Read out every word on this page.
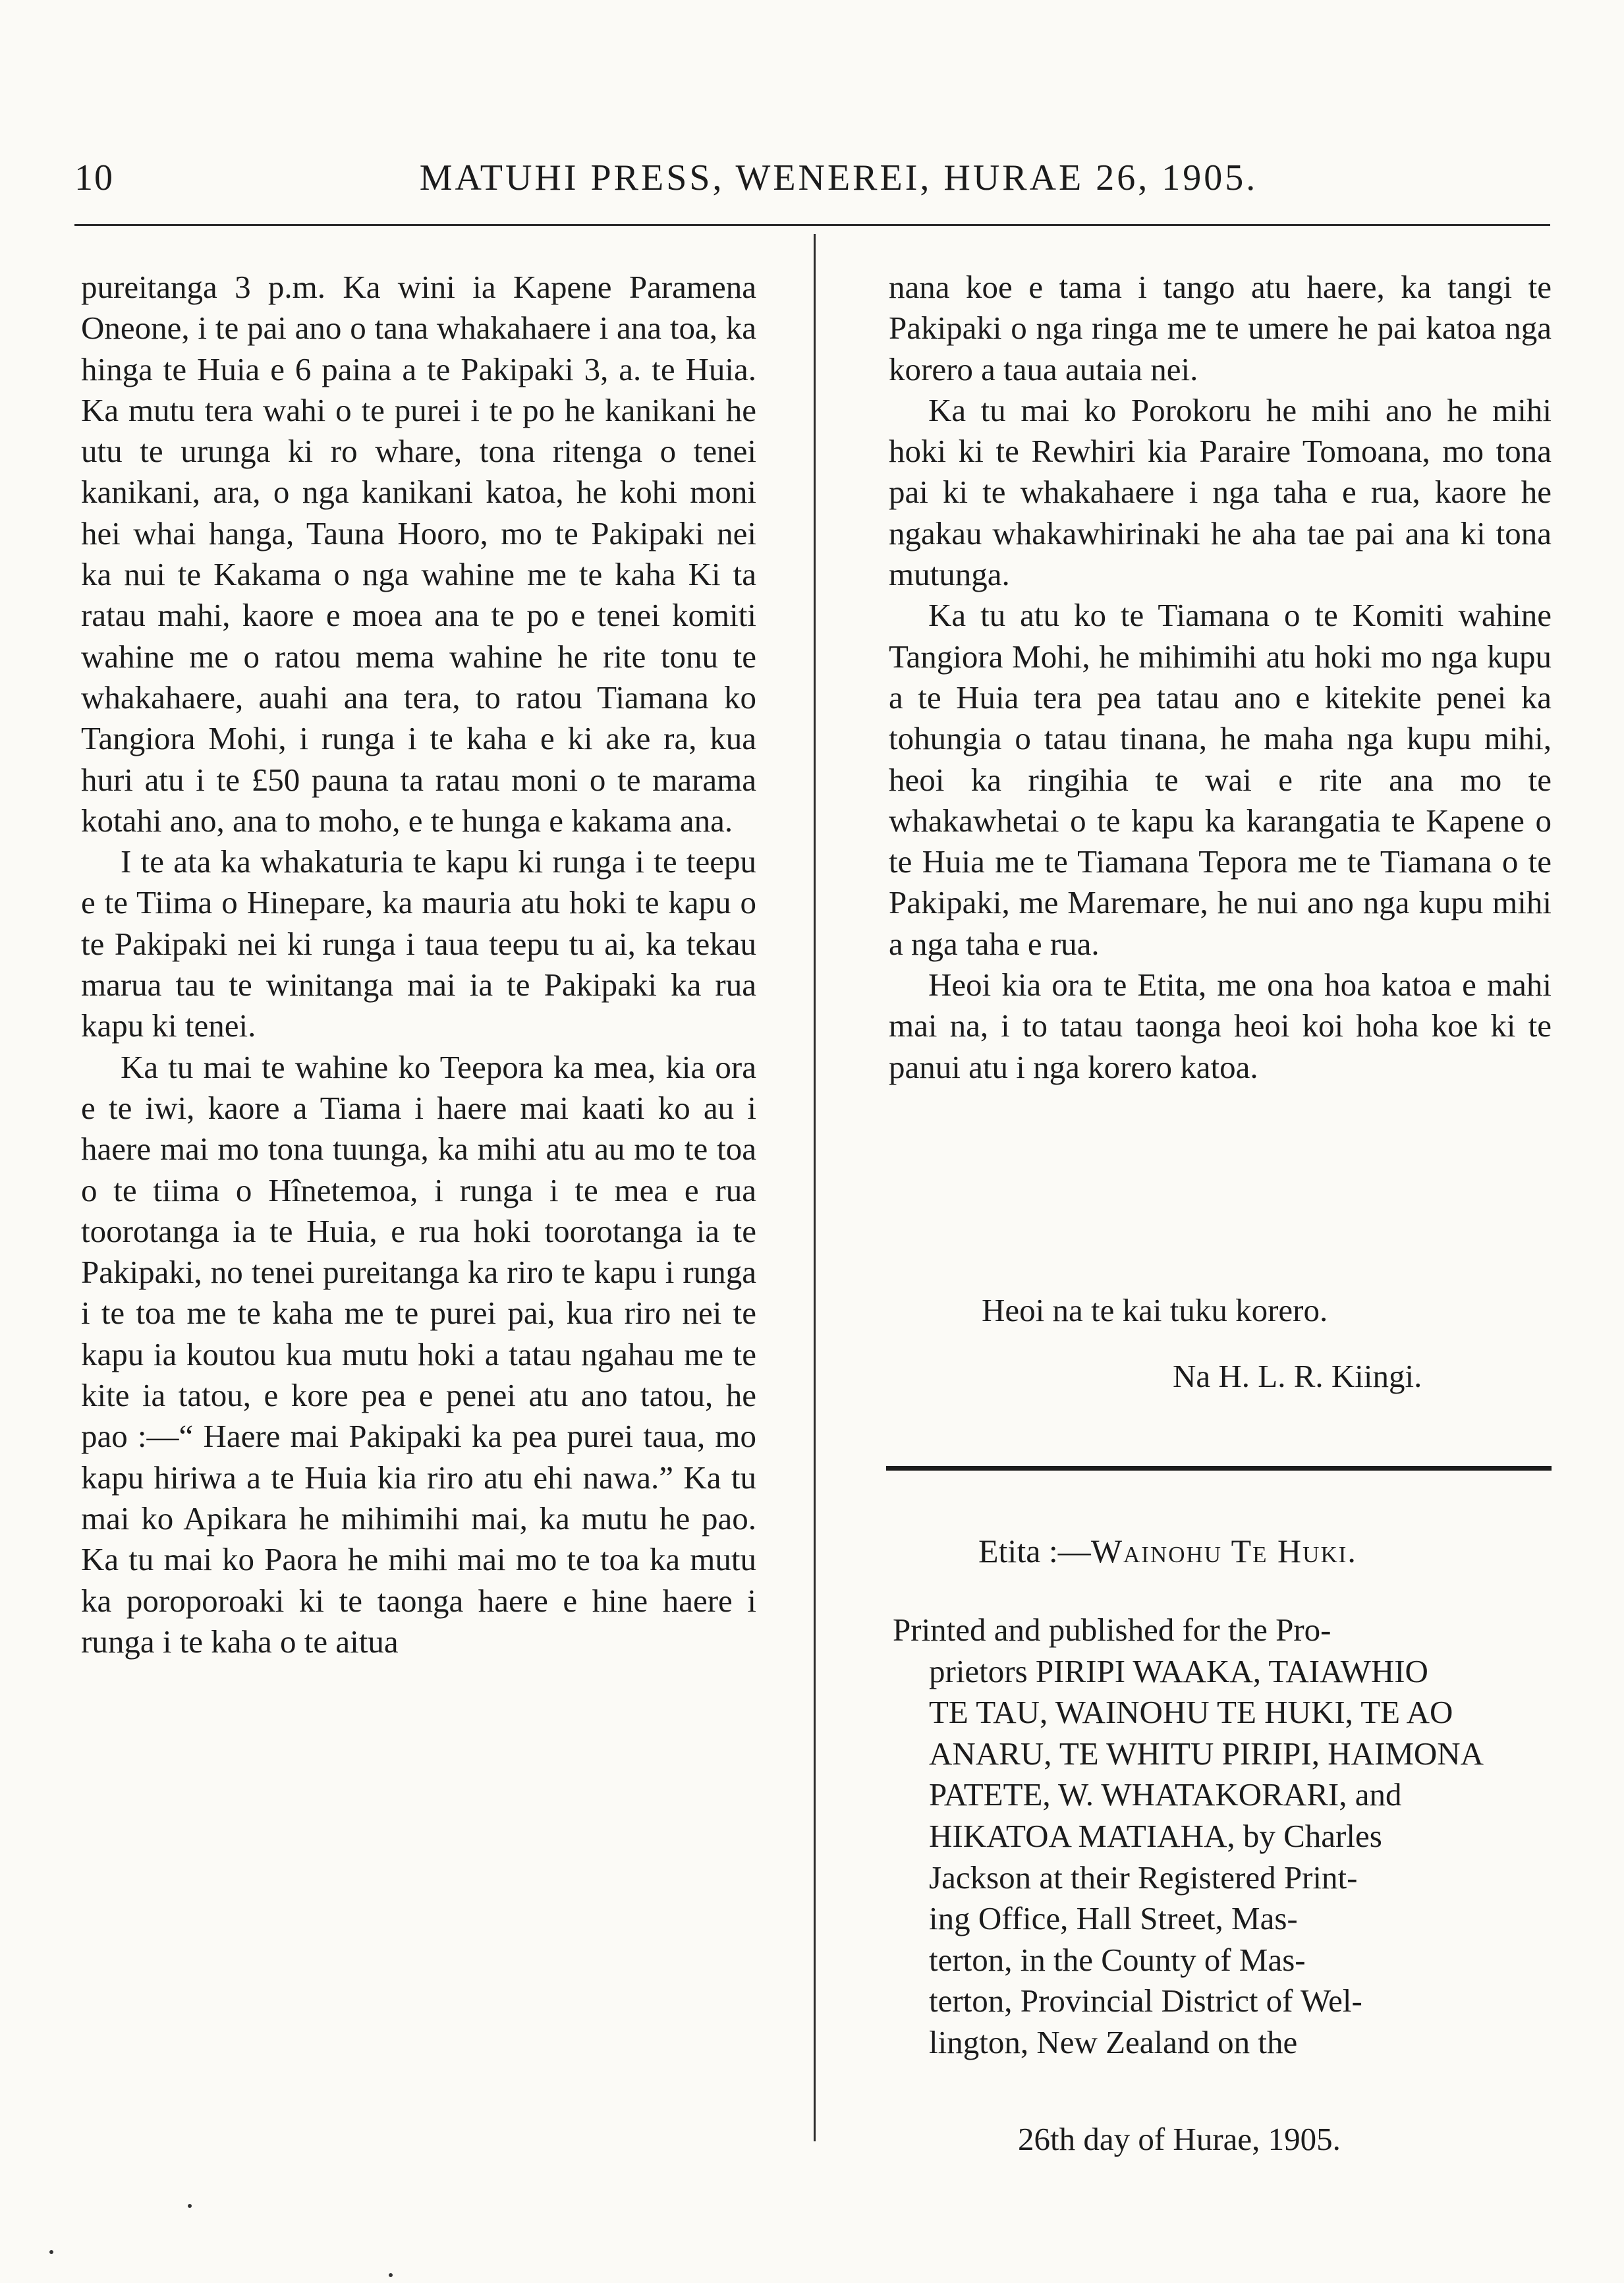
10	MATUHI PRESS, WENEREI, HURAE 26, 1905.

pureitanga 3 p.m. Ka wini ia Kapene Paramena Oneone, i te pai ano o tana whakahaere i ana toa, ka hinga te Huia e 6 paina a te Pakipaki 3, a. te Huia. Ka mutu tera wahi o te purei i te po he kanikani he utu te urunga ki ro whare, tona ritenga o tenei kanikani, ara, o nga kanikani katoa, he kohi moni hei whai hanga, Tauna Hooro, mo te Pakipaki nei ka nui te Kakama o nga wahine me te kaha Ki ta ratau mahi, kaore e moea ana te po e tenei komiti wahine me o ratou mema wahine he rite tonu te whakahaere, auahi ana tera, to ratou Tiamana ko Tangiora Mohi, i runga i te kaha e ki ake ra, kua huri atu i te £50 pauna ta ratau moni o te marama kotahi ano, ana to moho, e te hunga e kakama ana.

I te ata ka whakaturia te kapu ki runga i te teepu e te Tiima o Hinepare, ka mauria atu hoki te kapu o te Pakipaki nei ki runga i taua teepu tu ai, ka tekau marua tau te winitanga mai ia te Pakipaki ka rua kapu ki tenei.

Ka tu mai te wahine ko Teepora ka mea, kia ora e te iwi, kaore a Tiama i haere mai kaati ko au i haere mai mo tona tuunga, ka mihi atu au mo te toa o te tiima o Hînetemoa, i runga i te mea e rua toorotanga ia te Huia, e rua hoki toorotanga ia te Pakipaki, no tenei pureitanga ka riro te kapu i runga i te toa me te kaha me te purei pai, kua riro nei te kapu ia koutou kua mutu hoki a tatau ngahau me te kite ia tatou, e kore pea e penei atu ano tatou, he pao :—“ Haere mai Pakipaki ka pea purei taua, mo kapu hiriwa a te Huia kia riro atu ehi nawa.” Ka tu mai ko Apikara he mihimihi mai, ka mutu he pao. Ka tu mai ko Paora he mihi mai mo te toa ka mutu ka poroporoaki ki te taonga haere e hine haere i runga i te kaha o te aitua

nana koe e tama i tango atu haere, ka tangi te Pakipaki o nga ringa me te umere he pai katoa nga korero a taua autaia nei.

Ka tu mai ko Porokoru he mihi ano he mihi hoki ki te Rewhiri kia Paraire Tomoana, mo tona pai ki te whakahaere i nga taha e rua, kaore he ngakau whakawhirinaki he aha tae pai ana ki tona mutunga.

Ka tu atu ko te Tiamana o te Komiti wahine Tangiora Mohi, he mihimihi atu hoki mo nga kupu a te Huia tera pea tatau ano e kitekite penei ka tohungia o tatau tinana, he maha nga kupu mihi, heoi ka ringihia te wai e rite ana mo te whakawhetai o te kapu ka karangatia te Kapene o te Huia me te Tiamana Tepora me te Tiamana o te Pakipaki, me Maremare, he nui ano nga kupu mihi a nga taha e rua.

Heoi kia ora te Etita, me ona hoa katoa e mahi mai na, i to tatau taonga heoi koi hoha koe ki te panui atu i nga korero katoa.

Heoi na te kai tuku korero.
Na H. L. R. Kiingi.
Etita :—Wainohu Te Huki.
Printed and published for the Pro-
prietors PIRIPI WAAKA, TAIAWHIO
TE TAU, WAINOHU TE HUKI, TE AO
ANARU, TE WHITU PIRIPI, HAIMONA
PATETE, W. WHATAKORARI, and
HIKATOA MATIAHA, by Charles
Jackson at their Registered Print-
ing Office, Hall Street, Mas-
terton, in the County of Mas-
terton, Provincial District of Wel-
lington, New Zealand on the
26th day of Hurae, 1905.
